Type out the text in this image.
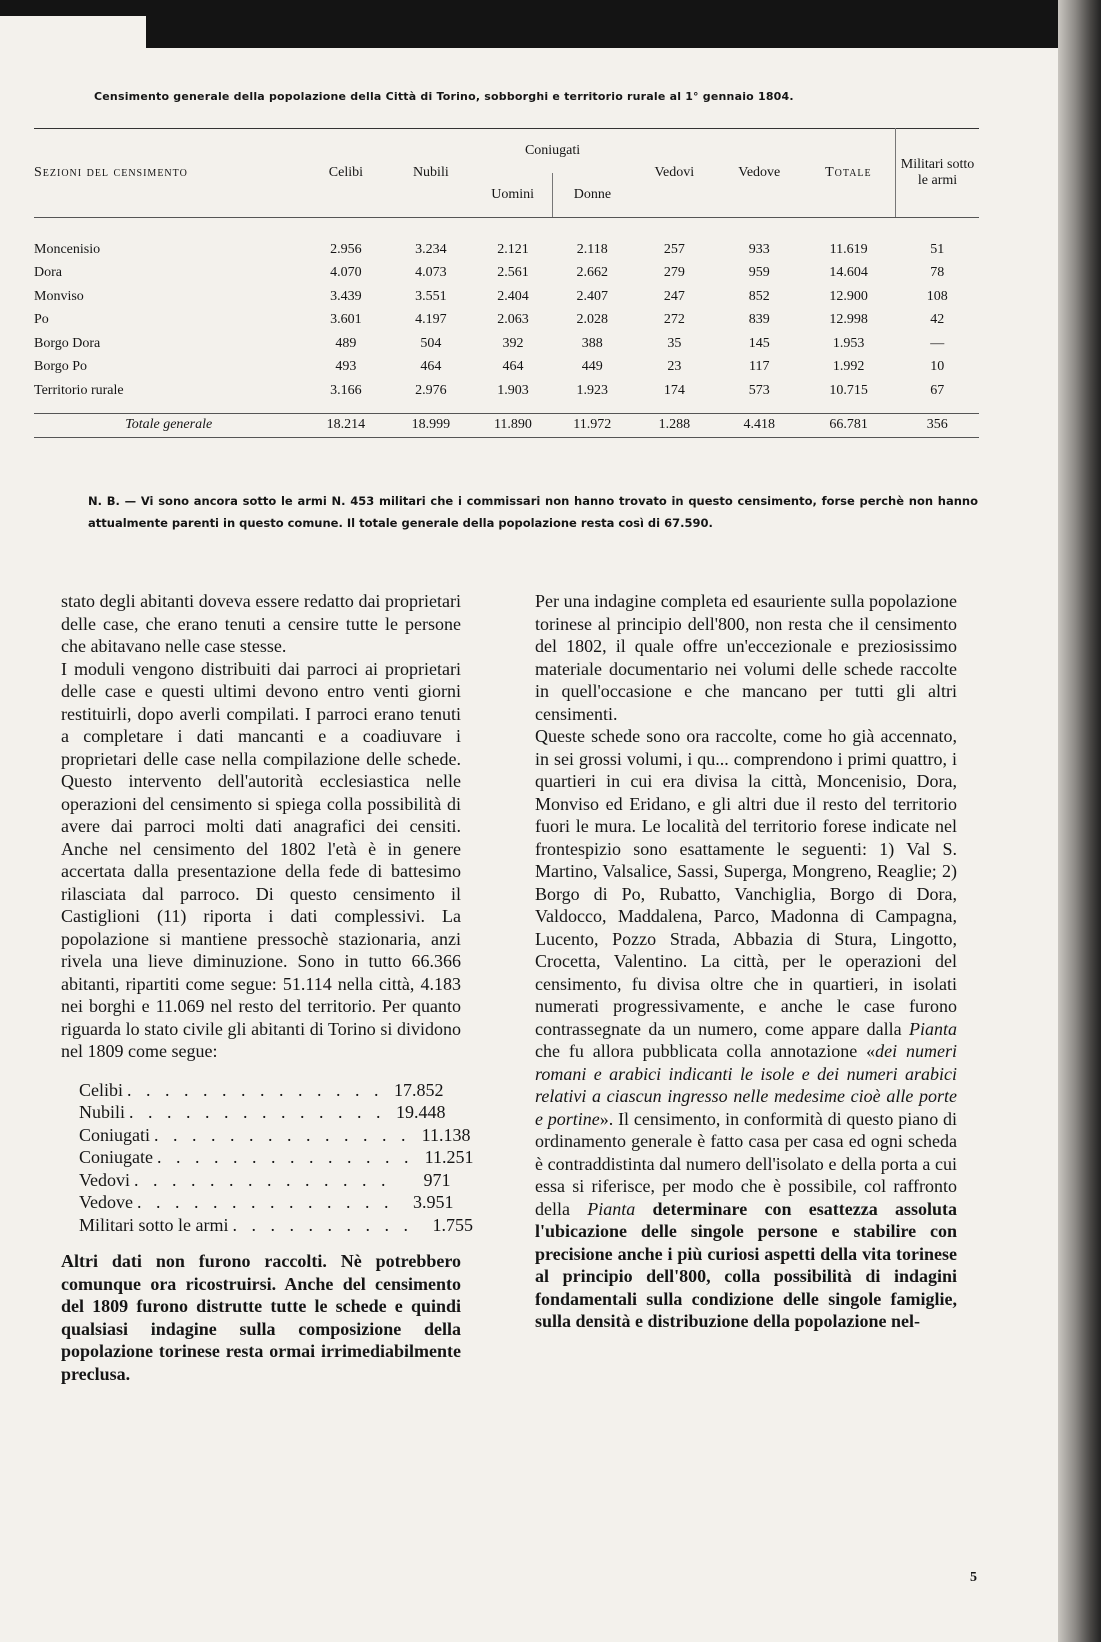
Censimento generale della popolazione della Città di Torino, sobborghi e territorio rurale al 1° gennaio 1804.
Sezioni del censimento	Celibi	Nubili	Coniugati		Vedovi	Vedove	Totale	Militari sotto le armi
			Uomini	Donne				

Moncenisio	2.956	3.234	2.121	2.118	257	933	11.619	51
Dora	4.070	4.073	2.561	2.662	279	959	14.604	78
Monviso	3.439	3.551	2.404	2.407	247	852	12.900	108
Po	3.601	4.197	2.063	2.028	272	839	12.998	42
Borgo Dora	489	504	392	388	35	145	1.953	—
Borgo Po	493	464	464	449	23	117	1.992	10
Territorio rurale	3.166	2.976	1.903	1.923	174	573	10.715	67

Totale generale	18.214	18.999	11.890	11.972	1.288	4.418	66.781	356
N. B. — Vi sono ancora sotto le armi N. 453 militari che i commissari non hanno trovato in questo censimento, forse perchè non hanno attualmente parenti in questo comune. Il totale generale della popolazione resta così di 67.590.

stato degli abitanti doveva essere redatto dai proprietari delle case, che erano tenuti a censire tutte le persone che abitavano nelle case stesse.

I moduli vengono distribuiti dai parroci ai proprietari delle case e questi ultimi devono entro venti giorni restituirli, dopo averli compilati. I parroci erano tenuti a completare i dati mancanti e a coadiuvare i proprietari delle case nella compilazione delle schede. Questo intervento dell'autorità ecclesiastica nelle operazioni del censimento si spiega colla possibilità di avere dai parroci molti dati anagrafici dei censiti. Anche nel censimento del 1802 l'età è in genere accertata dalla presentazione della fede di battesimo rilasciata dal parroco. Di questo censimento il Castiglioni (11) riporta i dati complessivi. La popolazione si mantiene pressochè stazionaria, anzi rivela una lieve diminuzione. Sono in tutto 66.366 abitanti, ripartiti come segue: 51.114 nella città, 4.183 nei borghi e 11.069 nel resto del territorio. Per quanto riguarda lo stato civile gli abitanti di Torino si dividono nel 1809 come segue:

Celibi . . . . . . . . . . . . . . 17.852
Nubili . . . . . . . . . . . . . . 19.448
Coniugati . . . . . . . . . . . . . . 11.138
Coniugate . . . . . . . . . . . . . . 11.251
Vedovi . . . . . . . . . . . . . .	971
Vedove . . . . . . . . . . . . . .	3.951
Militari sotto le armi . . . . . . . . . .	1.755

Altri dati non furono raccolti. Nè potrebbero comunque ora ricostruirsi. Anche del censimento del 1809 furono distrutte tutte le schede e quindi qualsiasi indagine sulla composizione della popolazione torinese resta ormai irrimediabilmente preclusa.

Per una indagine completa ed esauriente sulla popolazione torinese al principio dell'800, non resta che il censimento del 1802, il quale offre un'eccezionale e preziosissimo materiale documentario nei volumi delle schede raccolte in quell'occasione e che mancano per tutti gli altri censimenti.

Queste schede sono ora raccolte, come ho già accennato, in sei grossi volumi, i qu... comprendono i primi quattro, i quartieri in cui era divisa la città, Moncenisio, Dora, Monviso ed Eridano, e gli altri due il resto del territorio fuori le mura. Le località del territorio forese indicate nel frontespizio sono esattamente le seguenti: 1) Val S. Martino, Valsalice, Sassi, Superga, Mongreno, Reaglie; 2) Borgo di Po, Rubatto, Vanchiglia, Borgo di Dora, Valdocco, Maddalena, Parco, Madonna di Campagna, Lucento, Pozzo Strada, Abbazia di Stura, Lingotto, Crocetta, Valentino. La città, per le operazioni del censimento, fu divisa oltre che in quartieri, in isolati numerati progressivamente, e anche le case furono contrassegnate da un numero, come appare dalla Pianta che fu allora pubblicata colla annotazione «dei numeri romani e arabici indicanti le isole e dei numeri arabici relativi a ciascun ingresso nelle medesime cioè alle porte e portine». Il censimento, in conformità di questo piano di ordinamento generale è fatto casa per casa ed ogni scheda è contraddistinta dal numero dell'isolato e della porta a cui essa si riferisce, per modo che è possibile, col raffronto della Pianta determinare con esattezza assoluta l'ubicazione delle singole persone e stabilire con precisione anche i più curiosi aspetti della vita torinese al principio dell'800, colla possibilità di indagini fondamentali sulla condizione delle singole famiglie, sulla densità e distribuzione della popolazione nel-

5
